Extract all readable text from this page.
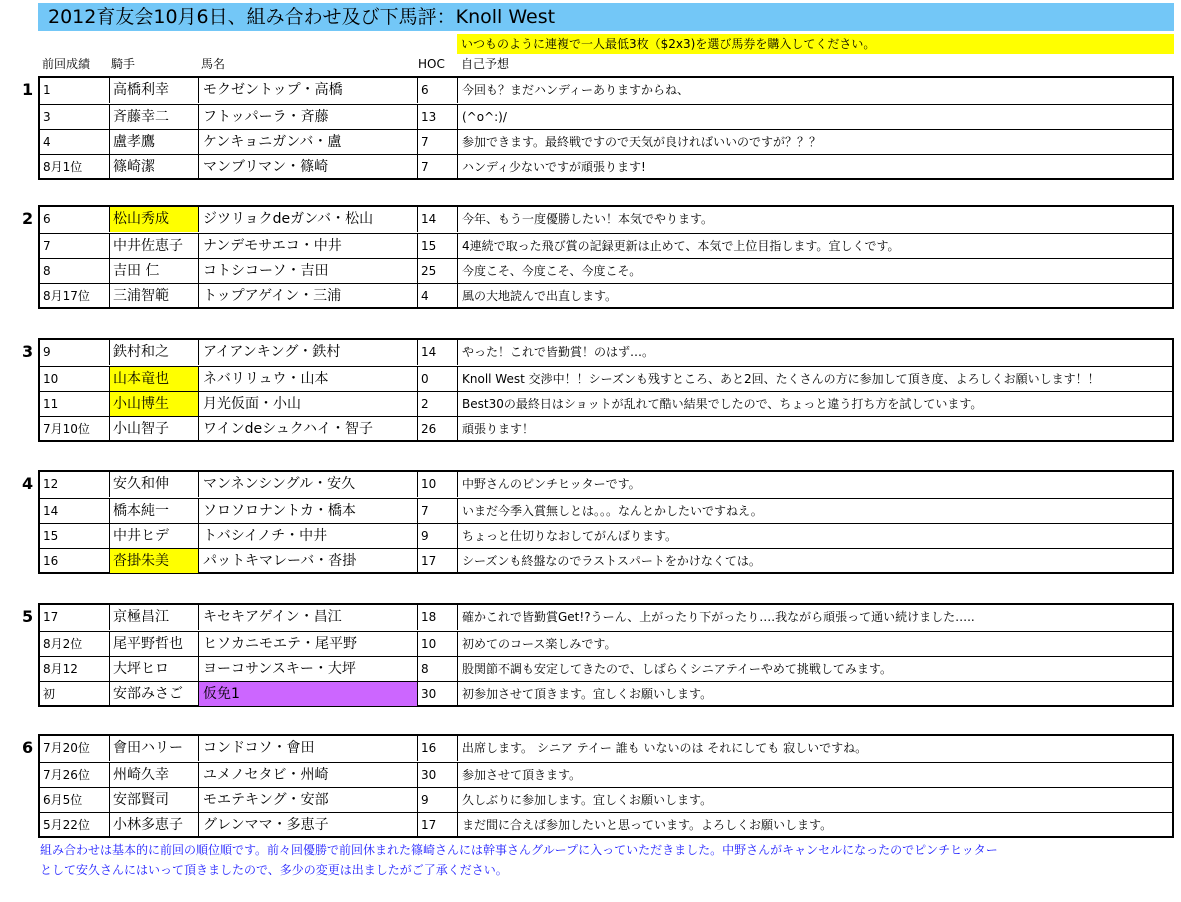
2012育友会10月6日、組み合わせ及び下馬評：Knoll West
いつものように連複で一人最低3枚（$2x3)を選び馬券を購入してください。
前回成績 騎手	馬名	HOC 自己予想
1 1	高橋利幸	モクゼントップ・高橋	6	今回も？まだハンディーありますからね、
3	斉藤幸二	フトッパーラ・斉藤	13	(^o^:)/
4	盧孝鷹	ケンキョニガンバ・盧	7	参加できます。最終戦ですので天気が良ければいいのですが？？？
8月1位	篠崎潔	マンブリマン・篠崎	7	ハンディ少ないですが頑張ります!
2 6	松山秀成	ジツリョクdeガンバ・松山	14	今年、もう一度優勝したい！本気でやります。
7	中井佐恵子	ナンデモサエコ・中井	15	4連続で取った飛び賞の記録更新は止めて、本気で上位目指します。宜しくです。
8	吉田 仁	コトシコーソ・吉田	25	今度こそ、今度こそ、今度こそ。
8月17位	三浦智範	トップアゲイン・三浦	4	風の大地読んで出直します。
3 9	鉄村和之	アイアンキング・鉄村	14	やった！これで皆勤賞！のはず…。
10	山本竜也	ネバリリュウ・山本	0	Knoll West 交渉中！！シーズンも残すところ、あと2回、たくさんの方に参加して頂き度、よろしくお願いします！！
11	小山博生	月光仮面・小山	2	Best30の最終日はショットが乱れて酷い結果でしたので、ちょっと違う打ち方を試しています。
7月10位	小山智子	ワインdeシュクハイ・智子	26	頑張ります！
4 12	安久和伸	マンネンシングル・安久	10	中野さんのピンチヒッターです。
14	橋本純一	ソロソロナントカ・橋本	7	いまだ今季入賞無しとは。。。なんとかしたいですねえ。
15	中井ヒデ	トバシイノチ・中井	9	ちょっと仕切りなおしてがんばります。
16	沓掛朱美	パットキマレーバ・沓掛	17	シーズンも終盤なのでラストスパートをかけなくては。
5 17	京極昌江	キセキアゲイン・昌江	18	確かこれで皆勤賞Get!?うーん、上がったり下がったり….我ながら頑張って通い続けました…..
8月2位	尾平野哲也	ヒソカニモエテ・尾平野	10	初めてのコース楽しみです。
8月12	大坪ヒロ	ヨーコサンスキー・大坪	8	股関節不調も安定してきたので、しばらくシニアテイーやめて挑戦してみます。
初	安部みさご	仮免1	30	初参加させて頂きます。宜しくお願いします。
6 7月20位	會田ハリー	コンドコソ・會田	16	出席します。 シニア テイー 誰も いないのは それにしても 寂しいですね。
7月26位	州崎久幸	ユメノセタビ・州崎	30	参加させて頂きます。
6月5位	安部賢司	モエテキング・安部	9	久しぶりに参加します。宜しくお願いします。
5月22位	小林多恵子	グレンママ・多恵子	17	まだ間に合えば参加したいと思っています。よろしくお願いします。
組み合わせは基本的に前回の順位順です。前々回優勝で前回休まれた篠崎さんには幹事さんグループに入っていただきました。中野さんがキャンセルになったのでピンチヒッター
として安久さんにはいって頂きましたので、多少の変更は出ましたがご了承ください。
